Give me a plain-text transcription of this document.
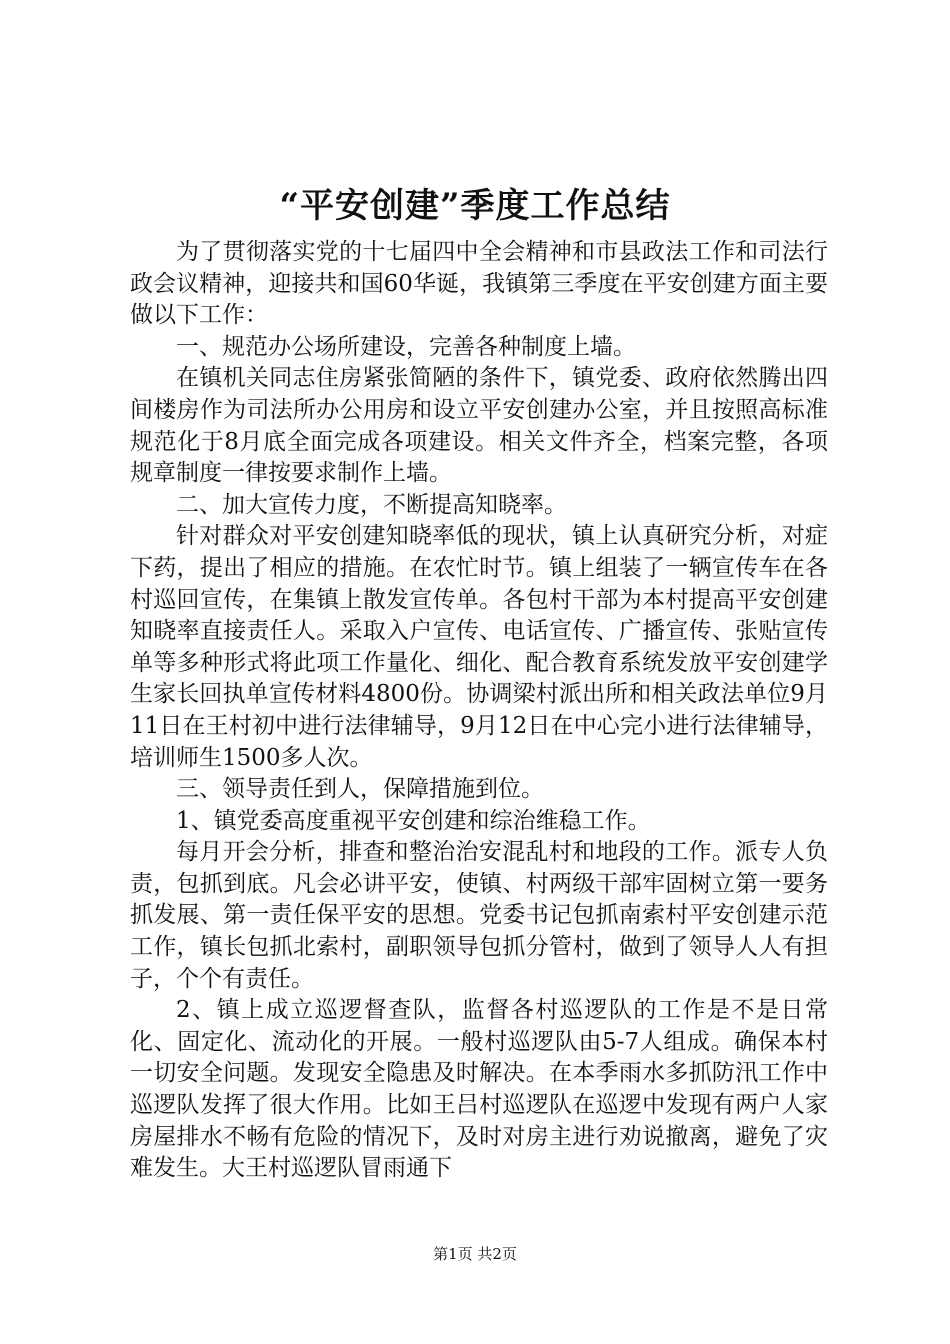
“平安创建”季度工作总结

为了贯彻落实党的十七届四中全会精神和市县政法工作和司法行政会议精神，迎接共和国60华诞，我镇第三季度在平安创建方面主要做以下工作：

一、规范办公场所建设，完善各种制度上墙。

在镇机关同志住房紧张简陋的条件下，镇党委、政府依然腾出四间楼房作为司法所办公用房和设立平安创建办公室，并且按照高标准规范化于8月底全面完成各项建设。相关文件齐全，档案完整，各项规章制度一律按要求制作上墙。

二、加大宣传力度，不断提高知晓率。

针对群众对平安创建知晓率低的现状，镇上认真研究分析，对症下药，提出了相应的措施。在农忙时节。镇上组装了一辆宣传车在各村巡回宣传，在集镇上散发宣传单。各包村干部为本村提高平安创建知晓率直接责任人。采取入户宣传、电话宣传、广播宣传、张贴宣传单等多种形式将此项工作量化、细化、配合教育系统发放平安创建学生家长回执单宣传材料4800份。协调梁村派出所和相关政法单位9月11日在王村初中进行法律辅导，9月12日在中心完小进行法律辅导，培训师生1500多人次。

三、领导责任到人，保障措施到位。

1、镇党委高度重视平安创建和综治维稳工作。

每月开会分析，排查和整治治安混乱村和地段的工作。派专人负责，包抓到底。凡会必讲平安，使镇、村两级干部牢固树立第一要务抓发展、第一责任保平安的思想。党委书记包抓南索村平安创建示范工作，镇长包抓北索村，副职领导包抓分管村，做到了领导人人有担子，个个有责任。

2、镇上成立巡逻督查队，监督各村巡逻队的工作是不是日常化、固定化、流动化的开展。一般村巡逻队由5-7人组成。确保本村一切安全问题。发现安全隐患及时解决。在本季雨水多抓防汛工作中巡逻队发挥了很大作用。比如王吕村巡逻队在巡逻中发现有两户人家房屋排水不畅有危险的情况下，及时对房主进行劝说撤离，避免了灾难发生。大王村巡逻队冒雨通下

第1页 共2页
